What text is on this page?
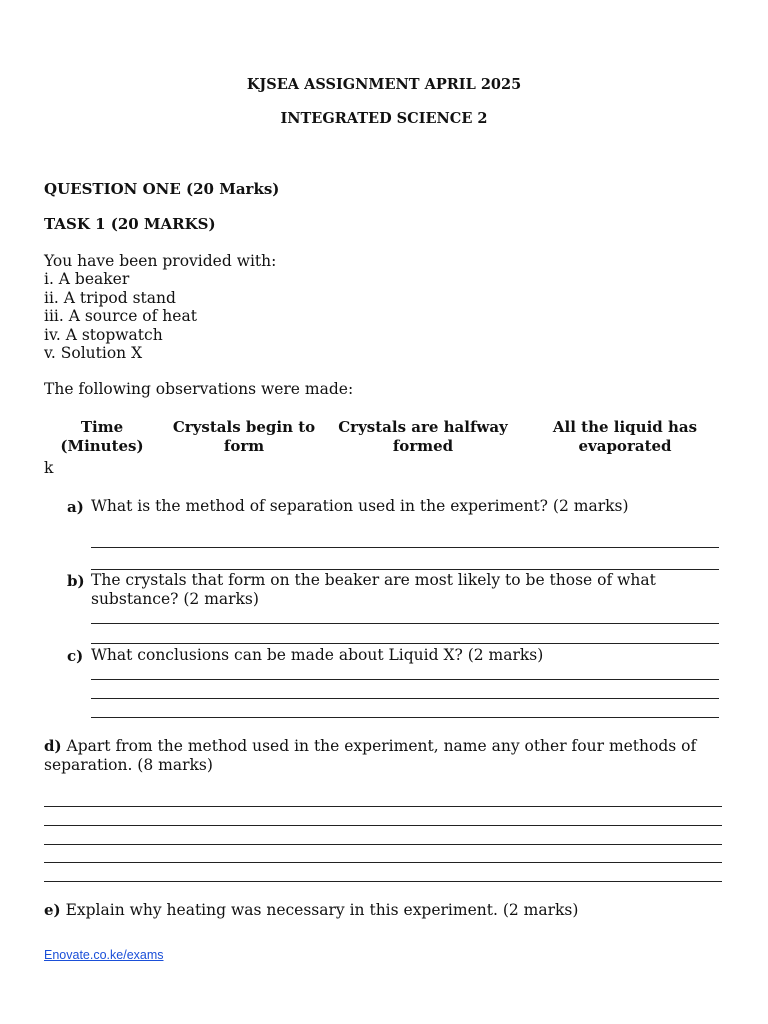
KJSEA ASSIGNMENT APRIL 2025
INTEGRATED SCIENCE 2
QUESTION ONE (20 Marks)
TASK 1 (20 MARKS)
You have been provided with:
i. A beaker
ii. A tripod stand
iii. A source of heat
iv. A stopwatch
v. Solution X
The following observations were made:
Time
(Minutes)
Crystals begin to
form
Crystals are halfway
formed
All the liquid has
evaporated
k
a) What is the method of separation used in the experiment? (2 marks)
b) The crystals that form on the beaker are most likely to be those of what
substance? (2 marks)
c) What conclusions can be made about Liquid X? (2 marks)
d) Apart from the method used in the experiment, name any other four methods of
separation. (8 marks)
e) Explain why heating was necessary in this experiment. (2 marks)
Enovate.co.ke/exams
